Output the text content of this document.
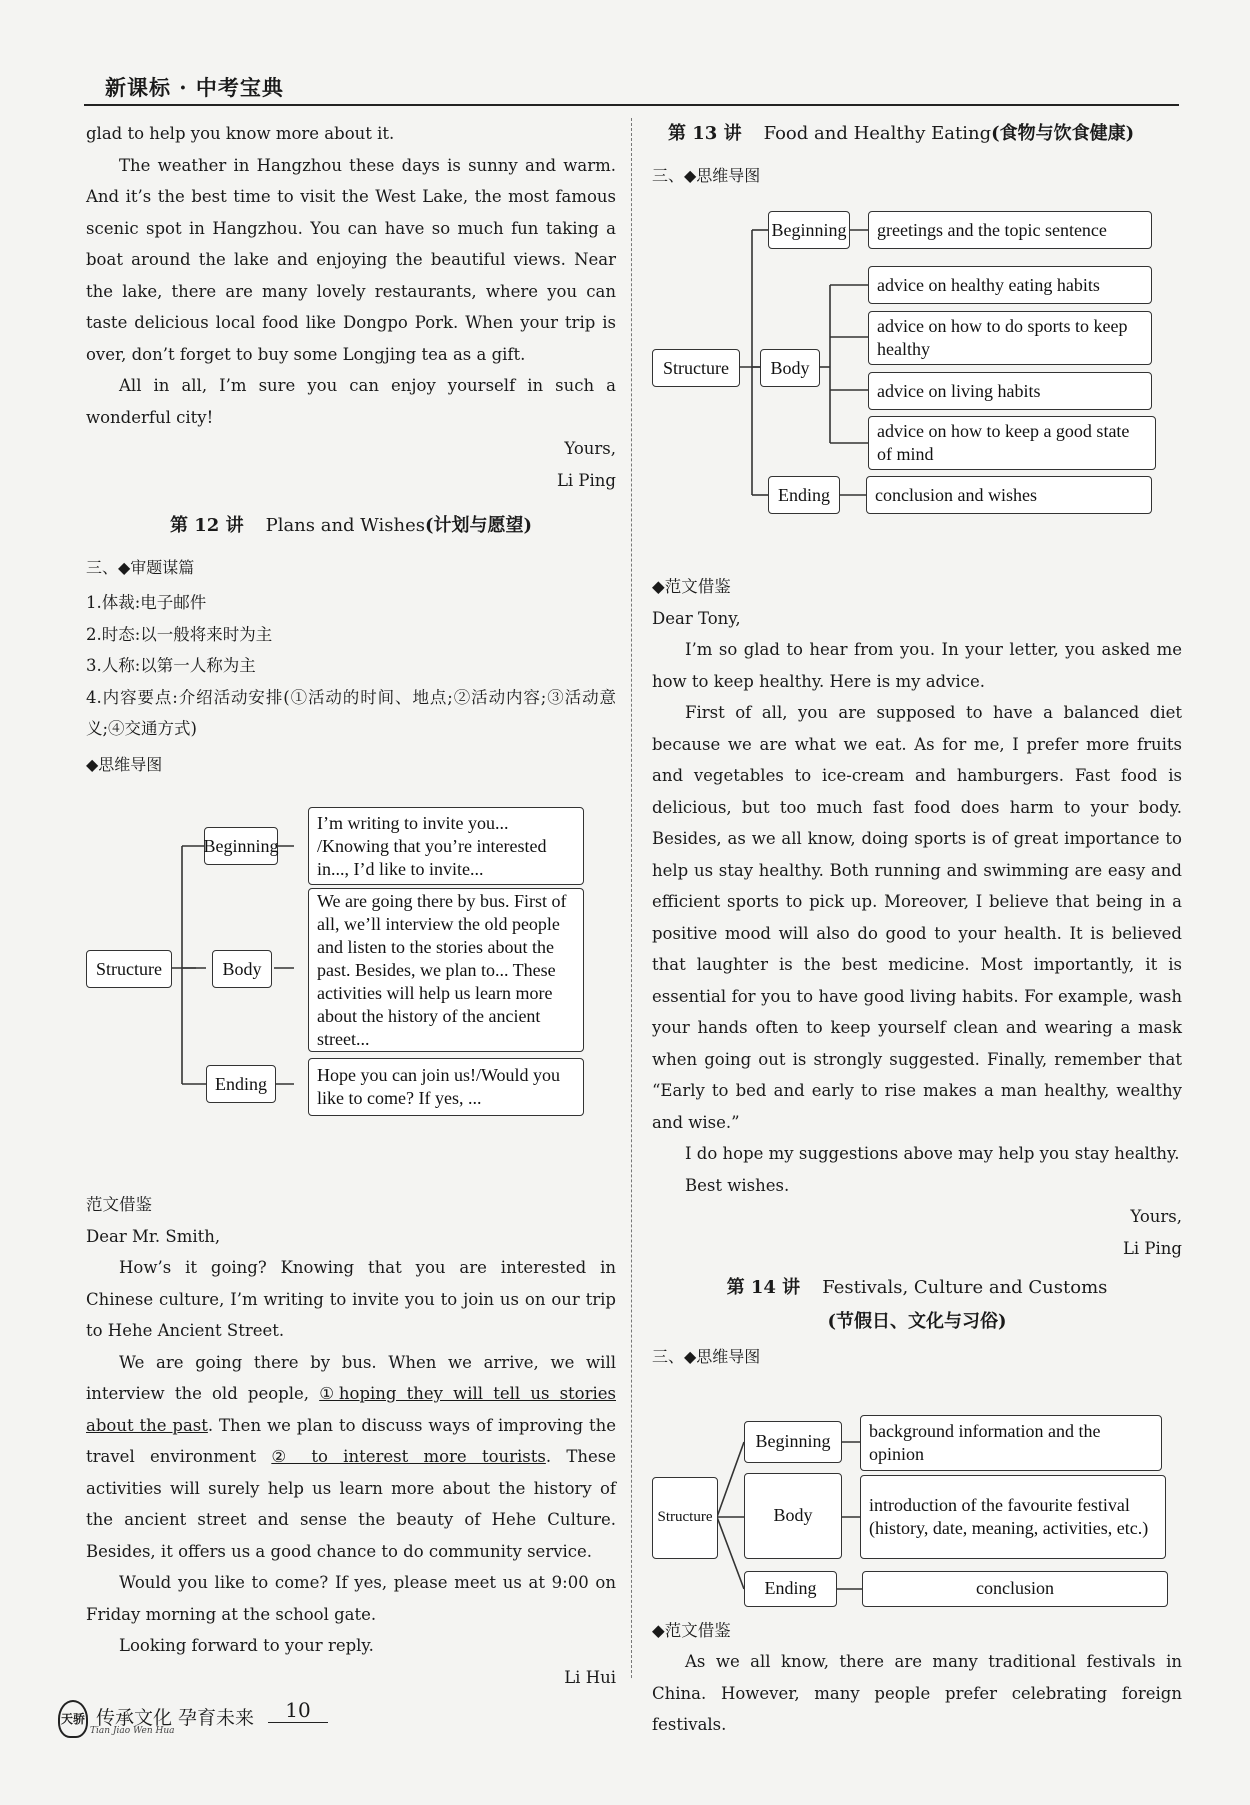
新课标 · 中考宝典

glad to help you know more about it.

The weather in Hangzhou these days is sunny and warm. And it’s the best time to visit the West Lake, the most famous scenic spot in Hangzhou. You can have so much fun taking a boat around the lake and enjoying the beautiful views. Near the lake, there are many lovely restaurants, where you can taste delicious local food like Dongpo Pork. When your trip is over, don’t forget to buy some Longjing tea as a gift.

All in all, I’m sure you can enjoy yourself in such a wonderful city!

Yours,

Li Ping

第 12 讲 Plans and Wishes(计划与愿望)

三、◆审题谋篇

1.体裁:电子邮件

2.时态:以一般将来时为主

3.人称:以第一人称为主

4.内容要点:介绍活动安排(①活动的时间、地点;②活动内容;③活动意义;④交通方式)

◆思维导图

Structure
Beginning
Body
Ending
I’m writing to invite you... /Knowing that you’re interested in..., I’d like to invite...
We are going there by bus. First of all, we’ll interview the old people and listen to the stories about the past. Besides, we plan to... These activities will help us learn more about the history of the ancient street...
Hope you can join us!/Would you like to come? If yes, ...

范文借鉴

Dear Mr. Smith,

How’s it going? Knowing that you are interested in Chinese culture, I’m writing to invite you to join us on our trip to Hehe Ancient Street.

We are going there by bus. When we arrive, we will interview the old people, ①hoping they will tell us stories about the past. Then we plan to discuss ways of improving the travel environment ② to interest more tourists. These activities will surely help us learn more about the history of the ancient street and sense the beauty of Hehe Culture. Besides, it offers us a good chance to do community service.

Would you like to come? If yes, please meet us at 9:00 on Friday morning at the school gate.

Looking forward to your reply.

Li Hui

第 13 讲 Food and Healthy Eating(食物与饮食健康)

三、◆思维导图

Structure
Beginning
Body
Ending
greetings and the topic sentence
advice on healthy eating habits
advice on how to do sports to keep healthy
advice on living habits
advice on how to keep a good state of mind
conclusion and wishes

◆范文借鉴

Dear Tony,

I’m so glad to hear from you. In your letter, you asked me how to keep healthy. Here is my advice.

First of all, you are supposed to have a balanced diet because we are what we eat. As for me, I prefer more fruits and vegetables to ice-cream and hamburgers. Fast food is delicious, but too much fast food does harm to your body. Besides, as we all know, doing sports is of great importance to help us stay healthy. Both running and swimming are easy and efficient sports to pick up. Moreover, I believe that being in a positive mood will also do good to your health. It is believed that laughter is the best medicine. Most importantly, it is essential for you to have good living habits. For example, wash your hands often to keep yourself clean and wearing a mask when going out is strongly suggested. Finally, remember that “Early to bed and early to rise makes a man healthy, wealthy and wise.”

I do hope my suggestions above may help you stay healthy.

Best wishes.

Yours,

Li Ping

第 14 讲 Festivals, Culture and Customs
(节假日、文化与习俗)

三、◆思维导图

Structure
Beginning
Body
Ending
background information and the opinion
introduction of the favourite festival (history, date, meaning, activities, etc.)
conclusion

◆范文借鉴

As we all know, there are many traditional festivals in China. However, many people prefer celebrating foreign festivals.

天骄 传承文化 孕育未来
Tian Jiao Wen Hua
10
